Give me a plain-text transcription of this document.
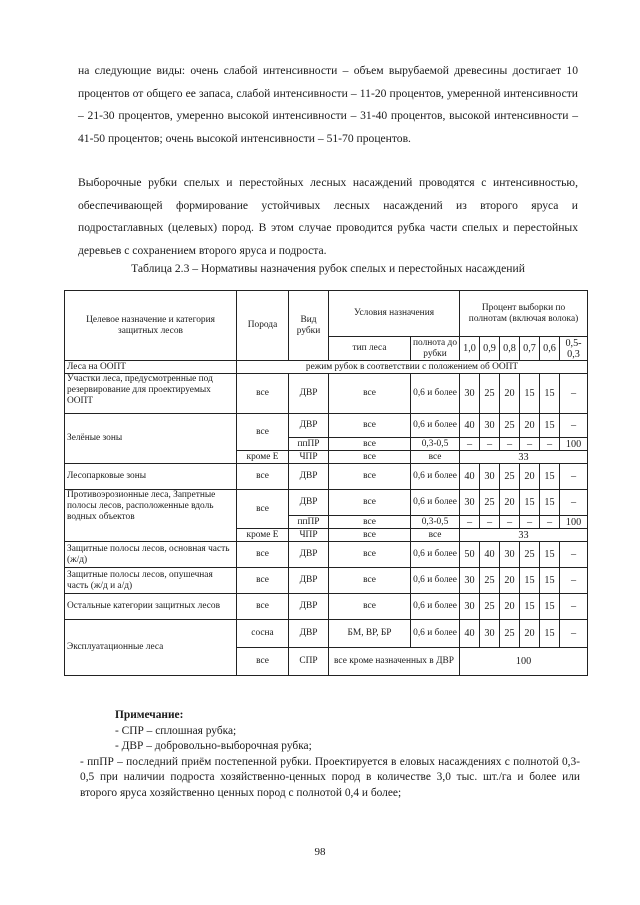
на следующие виды: очень слабой интенсивности – объем вырубаемой древесины достигает 10 процентов от общего ее запаса, слабой интенсивности – 11-20 процентов, умеренной интенсивности – 21-30 процентов, умеренно высокой интенсивности – 31-40 процентов, высокой интенсивности – 41-50 процентов; очень высокой интенсивности – 51-70 процентов.

Выборочные рубки спелых и перестойных лесных насаждений проводятся с интенсивностью, обеспечивающей формирование устойчивых лесных насаждений из второго яруса и подростаглавных (целевых) пород. В этом случае проводится рубка части спелых и перестойных деревьев с сохранением второго яруса и подроста.

Таблица 2.3 – Нормативы назначения рубок спелых и перестойных насаждений

Целевое назначение и категория защитных лесов	Порода	Вид рубки	Условия назначения		Процент выборки по полнотам (включая волока)					
			тип леса	полнота до рубки	1,0	0,9	0,8	0,7	0,6	0,5-0,3
Леса на ООПТ	режим рубок в соответствии с положением об ООПТ									
Участки леса, предусмотренные под резервирование для проектируемых ООПТ	все	ДВР	все	0,6 и более	30	25	20	15	15	–
Зелёные зоны	все	ДВР	все	0,6 и более	40	30	25	20	15	–
		ппПР	все	0,3-0,5	–	–	–	–	–	100
	кроме Е	ЧПР	все	все	33					
Лесопарковые зоны	все	ДВР	все	0,6 и более	40	30	25	20	15	–
Противоэрозионные леса, Запретные полосы лесов, расположенные вдоль водных объектов	все	ДВР	все	0,6 и более	30	25	20	15	15	–
		ппПР	все	0,3-0,5	–	–	–	–	–	100
	кроме Е	ЧПР	все	все	33					
Защитные полосы лесов, основная часть (ж/д)	все	ДВР	все	0,6 и более	50	40	30	25	15	–
Защитные полосы лесов, опушечная часть (ж/д и а/д)	все	ДВР	все	0,6 и более	30	25	20	15	15	–
Остальные категории защитных лесов	все	ДВР	все	0,6 и более	30	25	20	15	15	–
Эксплуатационные леса	сосна	ДВР	БМ, ВР, БР	0,6 и более	40	30	25	20	15	–
	все	СПР	все кроме назначенных в ДВР		100					
Примечание:
- СПР – сплошная рубка;
- ДВР – добровольно-выборочная рубка;
- ппПР – последний приём постепенной рубки. Проектируется в еловых насаждениях с полнотой 0,3-0,5 при наличии подроста хозяйственно-ценных пород в количестве 3,0 тыс. шт./га и более или второго яруса хозяйственно ценных пород с полнотой 0,4 и более;
98
